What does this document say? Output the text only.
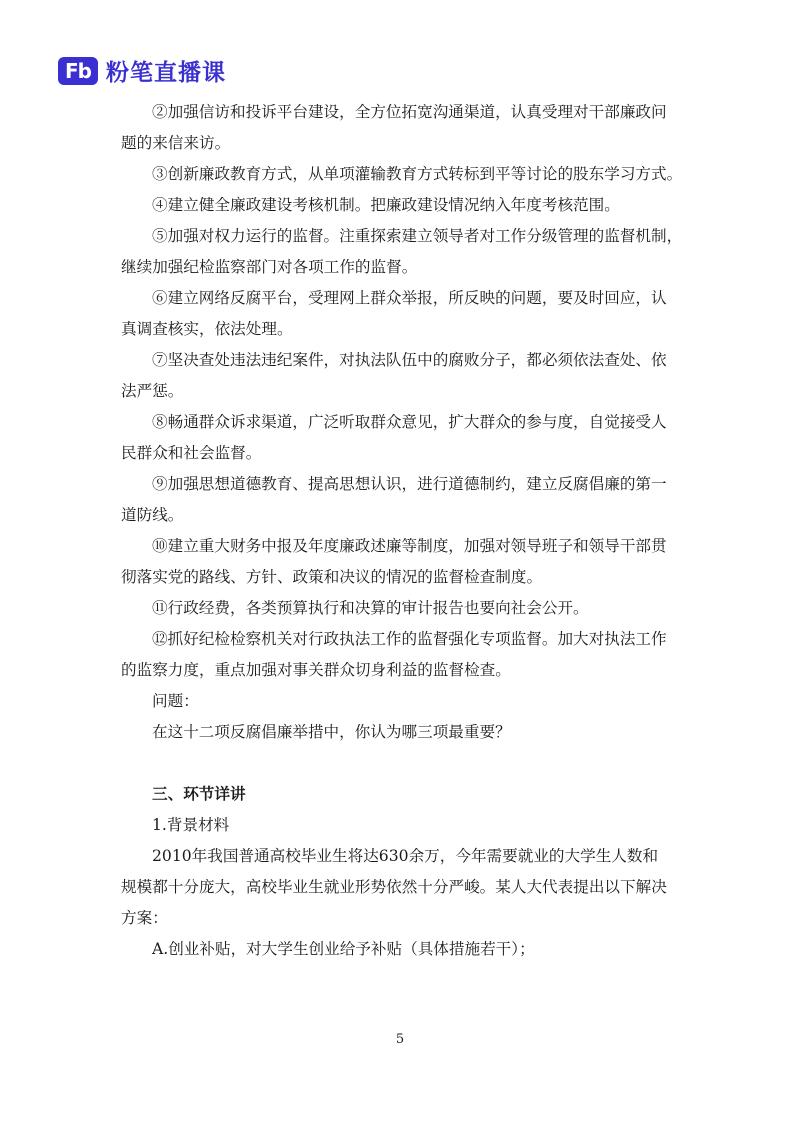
Fb 粉笔直播课

②加强信访和投诉平台建设，全方位拓宽沟通渠道，认真受理对干部廉政问

题的来信来访。

③创新廉政教育方式，从单项灌输教育方式转标到平等讨论的股东学习方式。

④建立健全廉政建设考核机制。把廉政建设情况纳入年度考核范围。

⑤加强对权力运行的监督。注重探索建立领导者对工作分级管理的监督机制，

继续加强纪检监察部门对各项工作的监督。

⑥建立网络反腐平台，受理网上群众举报，所反映的问题，要及时回应，认

真调查核实，依法处理。

⑦坚决查处违法违纪案件，对执法队伍中的腐败分子，都必须依法查处、依

法严惩。

⑧畅通群众诉求渠道，广泛听取群众意见，扩大群众的参与度，自觉接受人

民群众和社会监督。

⑨加强思想道德教育、提高思想认识，进行道德制约，建立反腐倡廉的第一

道防线。

⑩建立重大财务中报及年度廉政述廉等制度，加强对领导班子和领导干部贯

彻落实党的路线、方针、政策和决议的情况的监督检查制度。

⑪行政经费，各类预算执行和决算的审计报告也要向社会公开。

⑫抓好纪检检察机关对行政执法工作的监督强化专项监督。加大对执法工作

的监察力度，重点加强对事关群众切身利益的监督检查。

问题：

在这十二项反腐倡廉举措中，你认为哪三项最重要？

三、环节详讲

1.背景材料

2010年我国普通高校毕业生将达630余万，今年需要就业的大学生人数和

规模都十分庞大，高校毕业生就业形势依然十分严峻。某人大代表提出以下解决

方案：

A.创业补贴，对大学生创业给予补贴（具体措施若干）；

5
